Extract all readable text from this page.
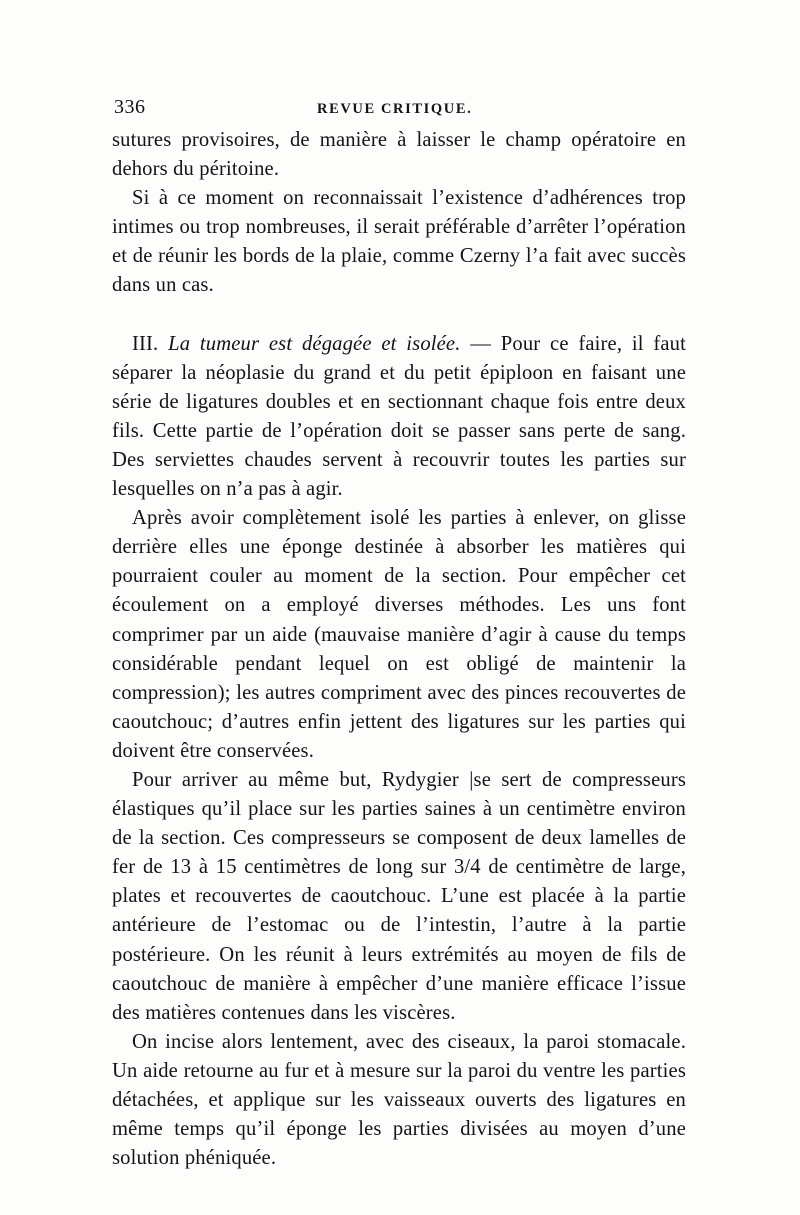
336	REVUE CRITIQUE.

sutures provisoires, de manière à laisser le champ opératoire en dehors du péritoine.

Si à ce moment on reconnaissait l’existence d’adhérences trop intimes ou trop nombreuses, il serait préférable d’arrêter l’opération et de réunir les bords de la plaie, comme Czerny l’a fait avec succès dans un cas.

III. La tumeur est dégagée et isolée. — Pour ce faire, il faut séparer la néoplasie du grand et du petit épiploon en faisant une série de ligatures doubles et en sectionnant chaque fois entre deux fils. Cette partie de l’opération doit se passer sans perte de sang. Des serviettes chaudes servent à recouvrir toutes les parties sur lesquelles on n’a pas à agir.

Après avoir complètement isolé les parties à enlever, on glisse derrière elles une éponge destinée à absorber les matières qui pourraient couler au moment de la section. Pour empêcher cet écoulement on a employé diverses méthodes. Les uns font comprimer par un aide (mauvaise manière d’agir à cause du temps considérable pendant lequel on est obligé de maintenir la compression); les autres compriment avec des pinces recouvertes de caoutchouc; d’autres enfin jettent des ligatures sur les parties qui doivent être conservées.

Pour arriver au même but, Rydygier |se sert de compresseurs élastiques qu’il place sur les parties saines à un centimètre environ de la section. Ces compresseurs se composent de deux lamelles de fer de 13 à 15 centimètres de long sur 3/4 de centimètre de large, plates et recouvertes de caoutchouc. L’une est placée à la partie antérieure de l’estomac ou de l’intestin, l’autre à la partie postérieure. On les réunit à leurs extrémités au moyen de fils de caoutchouc de manière à empêcher d’une manière efficace l’issue des matières contenues dans les viscères.

On incise alors lentement, avec des ciseaux, la paroi stomacale. Un aide retourne au fur et à mesure sur la paroi du ventre les parties détachées, et applique sur les vaisseaux ouverts des ligatures en même temps qu’il éponge les parties divisées au moyen d’une solution phéniquée.
